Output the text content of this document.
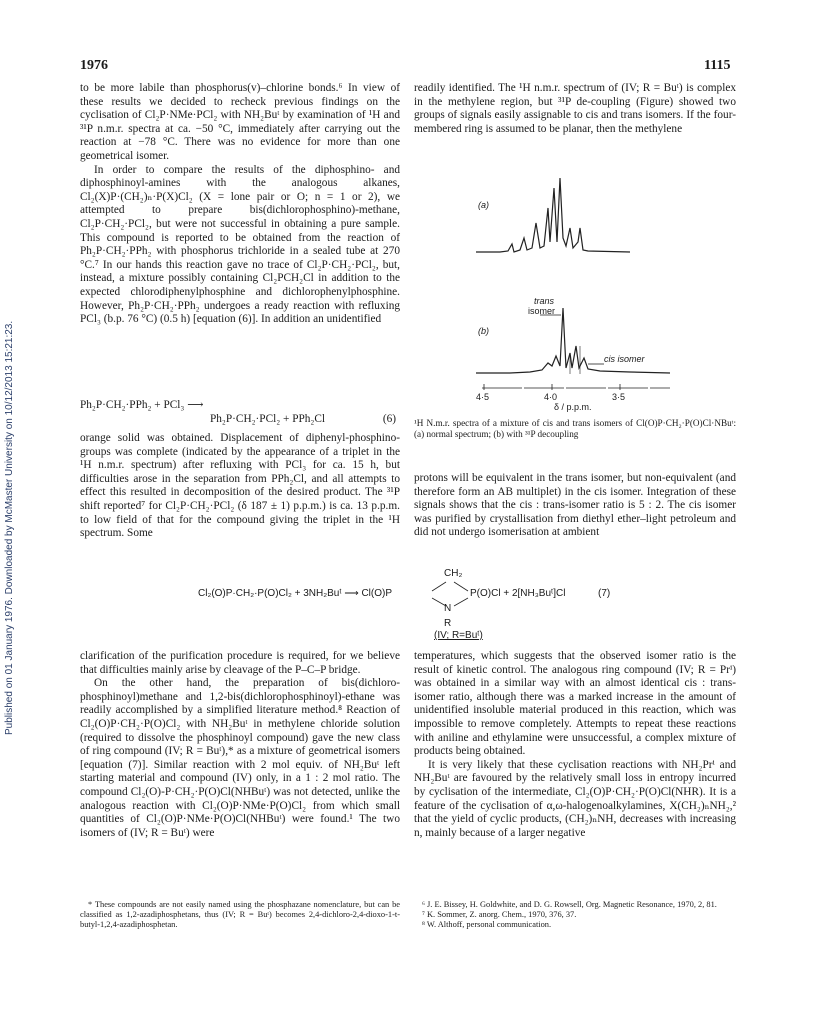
Published on 01 January 1976. Downloaded by McMaster University on 10/12/2013 15:21:23.
1976	1115

to be more labile than phosphorus(v)–chlorine bonds.⁶ In view of these results we decided to recheck previous findings on the cyclisation of Cl₂P·NMe·PCl₂ with NH₂Buᵗ by examination of ¹H and ³¹P n.m.r. spectra at ca. −50 °C, immediately after carrying out the reaction at −78 °C. There was no evidence for more than one geometrical isomer.

In order to compare the results of the diphosphino- and diphosphinoyl-amines with the analogous alkanes, Cl₂(X)P·(CH₂)ₙ·P(X)Cl₂ (X = lone pair or O; n = 1 or 2), we attempted to prepare bis(dichlorophosphino)-methane, Cl₂P·CH₂·PCl₂, but were not successful in obtaining a pure sample. This compound is reported to be obtained from the reaction of Ph₂P·CH₂·PPh₂ with phosphorus trichloride in a sealed tube at 270 °C.⁷ In our hands this reaction gave no trace of Cl₂P·CH₂·PCl₂, but, instead, a mixture possibly containing Cl₂PCH₂Cl in addition to the expected chlorodiphenylphosphine and dichlorophenylphosphine. However, Ph₂P·CH₂·PPh₂ undergoes a ready reaction with refluxing PCl₃ (b.p. 76 °C) (0.5 h) [equation (6)]. In addition an unidentified

Ph₂P·CH₂·PPh₂ + PCl₃ ⟶
Ph₂P·CH₂·PCl₂ + PPh₂Cl	(6)

orange solid was obtained. Displacement of diphenyl-phosphino-groups was complete (indicated by the appearance of a triplet in the ¹H n.m.r. spectrum) after refluxing with PCl₃ for ca. 15 h, but difficulties arose in the separation from PPh₂Cl, and all attempts to effect this resulted in decomposition of the desired product. The ³¹P shift reported⁷ for Cl₂P·CH₂·PCl₂ (δ 187 ± 1) p.p.m.) is ca. 13 p.p.m. to low field of that for the compound giving the triplet in the ¹H spectrum. Some

readily identified. The ¹H n.m.r. spectrum of (IV; R = Buᵗ) is complex in the methylene region, but ³¹P de-coupling (Figure) showed two groups of signals easily assignable to cis and trans isomers. If the four-membered ring is assumed to be planar, then the methylene

(a)
(b)
trans
isomer
cis isomer
4·5	4·0	3·5
δ / p.p.m.
¹H N.m.r. spectra of a mixture of cis and trans isomers of Cl(O)P·CH₂·P(O)Cl·NBuᵗ: (a) normal spectrum; (b) with ³¹P decoupling

protons will be equivalent in the trans isomer, but non-equivalent (and therefore form an AB multiplet) in the cis isomer. Integration of these signals shows that the cis : trans-isomer ratio is 5 : 2. The cis isomer was purified by crystallisation from diethyl ether–light petroleum and did not undergo isomerisation at ambient

Cl₂(O)P·CH₂·P(O)Cl₂ + 3NH₂Buᵗ ⟶ Cl(O)P
CH₂
N
R
P(O)Cl + 2[NH₃Buᵗ]Cl	(7)
(IV; R=Buᵗ)

clarification of the purification procedure is required, for we believe that difficulties mainly arise by cleavage of the P–C–P bridge.

On the other hand, the preparation of bis(dichloro-phosphinoyl)methane and 1,2-bis(dichlorophosphinoyl)-ethane was readily accomplished by a simplified literature method.⁸ Reaction of Cl₂(O)P·CH₂·P(O)Cl₂ with NH₂Buᵗ in methylene chloride solution (required to dissolve the phosphinoyl compound) gave the new class of ring compound (IV; R = Buᵗ),* as a mixture of geometrical isomers [equation (7)]. Similar reaction with 2 mol equiv. of NH₂Buᵗ left starting material and compound (IV) only, in a 1 : 2 mol ratio. The compound Cl₂(O)-P·CH₂·P(O)Cl(NHBuᵗ) was not detected, unlike the analogous reaction with Cl₂(O)P·NMe·P(O)Cl₂ from which small quantities of Cl₂(O)P·NMe·P(O)Cl(NHBuᵗ) were found.¹ The two isomers of (IV; R = Buᵗ) were

* These compounds are not easily named using the phosphazane nomenclature, but can be classified as 1,2-azadiphosphetans, thus (IV; R = Buᵗ) becomes 2,4-dichloro-2,4-dioxo-1-t-butyl-1,2,4-azadiphosphetan.

temperatures, which suggests that the observed isomer ratio is the result of kinetic control. The analogous ring compound (IV; R = Prⁱ) was obtained in a similar way with an almost identical cis : trans-isomer ratio, although there was a marked increase in the amount of unidentified insoluble material produced in this reaction, which was impossible to remove completely. Attempts to repeat these reactions with aniline and ethylamine were unsuccessful, a complex mixture of products being obtained.

It is very likely that these cyclisation reactions with NH₂Prⁱ and NH₂Buᵗ are favoured by the relatively small loss in entropy incurred by cyclisation of the intermediate, Cl₂(O)P·CH₂·P(O)Cl(NHR). It is a feature of the cyclisation of α,ω-halogenoalkylamines, X(CH₂)ₙNH₂,² that the yield of cyclic products, (CH₂)ₙNH, decreases with increasing n, mainly because of a larger negative

⁶ J. E. Bissey, H. Goldwhite, and D. G. Rowsell, Org. Magnetic Resonance, 1970, 2, 81.

⁷ K. Sommer, Z. anorg. Chem., 1970, 376, 37.

⁸ W. Althoff, personal communication.
